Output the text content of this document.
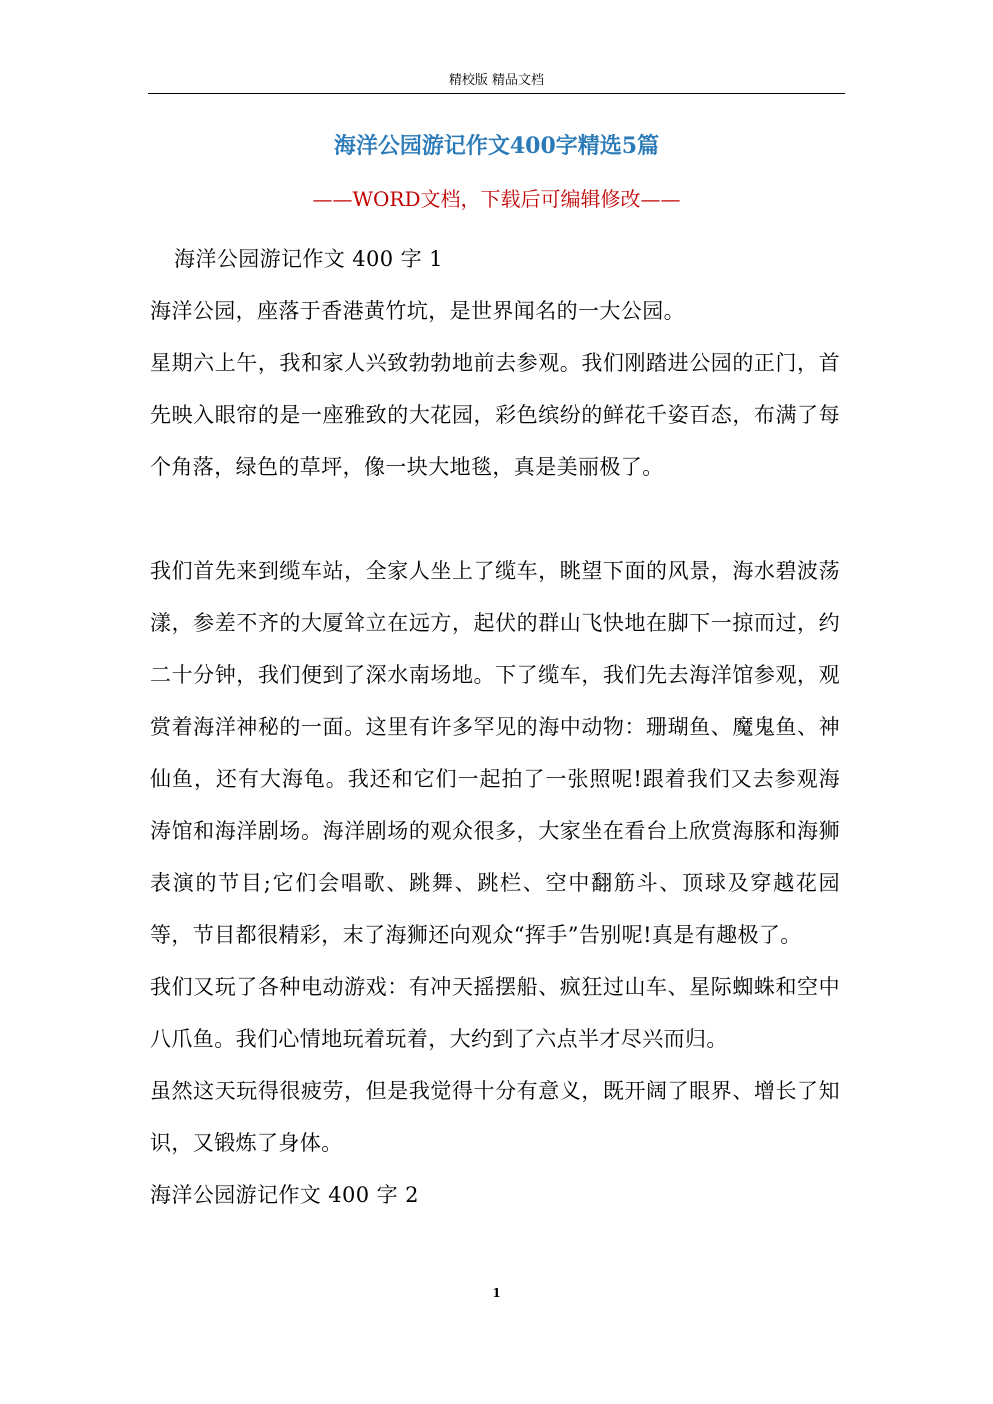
精校版 精品文档
海洋公园游记作文400字精选5篇
——WORD文档，下载后可编辑修改——

海洋公园游记作文 400 字 1

海洋公园，座落于香港黄竹坑，是世界闻名的一大公园。

星期六上午，我和家人兴致勃勃地前去参观。我们刚踏进公园的正门，首先映入眼帘的是一座雅致的大花园，彩色缤纷的鲜花千姿百态，布满了每个角落，绿色的草坪，像一块大地毯，真是美丽极了。

我们首先来到缆车站，全家人坐上了缆车，眺望下面的风景，海水碧波荡漾，参差不齐的大厦耸立在远方，起伏的群山飞快地在脚下一掠而过，约二十分钟，我们便到了深水南场地。下了缆车，我们先去海洋馆参观，观赏着海洋神秘的一面。这里有许多罕见的海中动物：珊瑚鱼、魔鬼鱼、神仙鱼，还有大海龟。我还和它们一起拍了一张照呢!跟着我们又去参观海涛馆和海洋剧场。海洋剧场的观众很多，大家坐在看台上欣赏海豚和海狮表演的节目;它们会唱歌、跳舞、跳栏、空中翻筋斗、顶球及穿越花园等，节目都很精彩，末了海狮还向观众“挥手”告别呢!真是有趣极了。

我们又玩了各种电动游戏：有冲天摇摆船、疯狂过山车、星际蜘蛛和空中八爪鱼。我们心情地玩着玩着，大约到了六点半才尽兴而归。

虽然这天玩得很疲劳，但是我觉得十分有意义，既开阔了眼界、增长了知识，又锻炼了身体。

海洋公园游记作文 400 字 2

1
